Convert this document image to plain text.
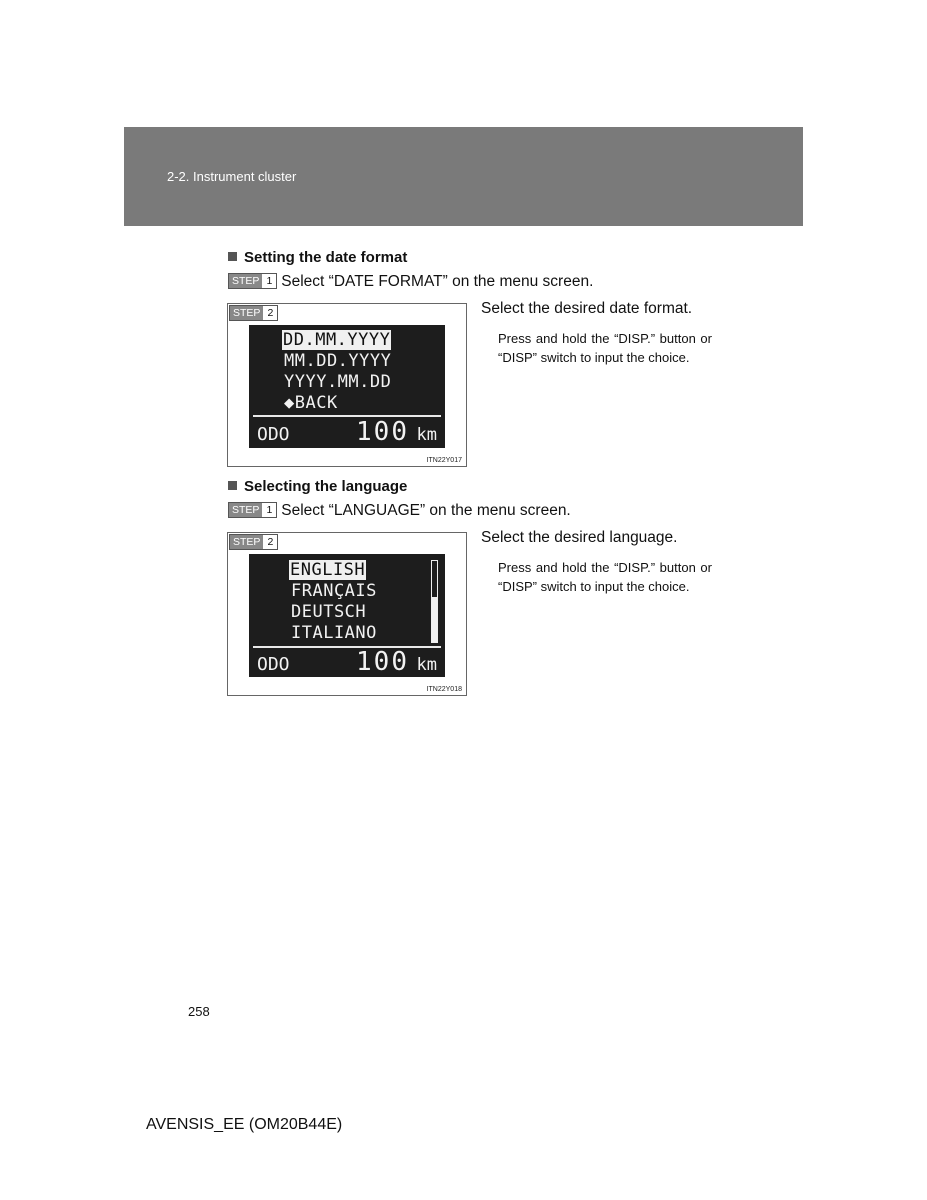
2-2. Instrument cluster
Setting the date format
STEP 1 Select “DATE FORMAT” on the menu screen.
STEP 2
DD.MM.YYYY
MM.DD.YYYY
YYYY.MM.DD
◆BACK
ODO	100 km
ITN22Y017
Select the desired date format.
Press and hold the “DISP.” button or “DISP” switch to input the choice.
Selecting the language
STEP 1 Select “LANGUAGE” on the menu screen.
STEP 2
ENGLISH
FRANÇAIS
DEUTSCH
ITALIANO
ODO	100 km
ITN22Y018
Select the desired language.
Press and hold the “DISP.” button or “DISP” switch to input the choice.
258
AVENSIS_EE (OM20B44E)
